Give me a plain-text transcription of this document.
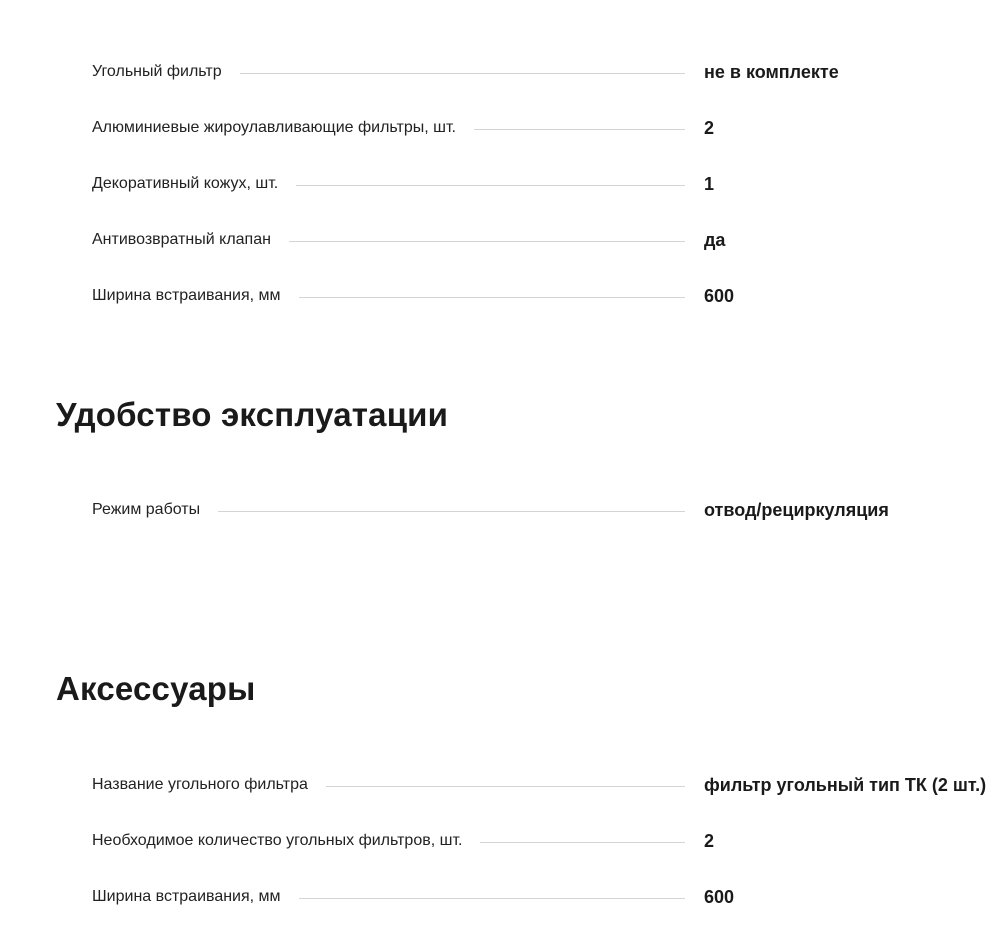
Угольный фильтр	не в комплекте
Алюминиевые жироулавливающие фильтры, шт.	2
Декоративный кожух, шт.	1
Антивозвратный клапан	да
Ширина встраивания, мм	600
Удобство эксплуатации
Режим работы	отвод/рециркуляция
Аксессуары
Название угольного фильтра	фильтр угольный тип ТК (2 шт.)
Необходимое количество угольных фильтров, шт.	2
Ширина встраивания, мм	600
